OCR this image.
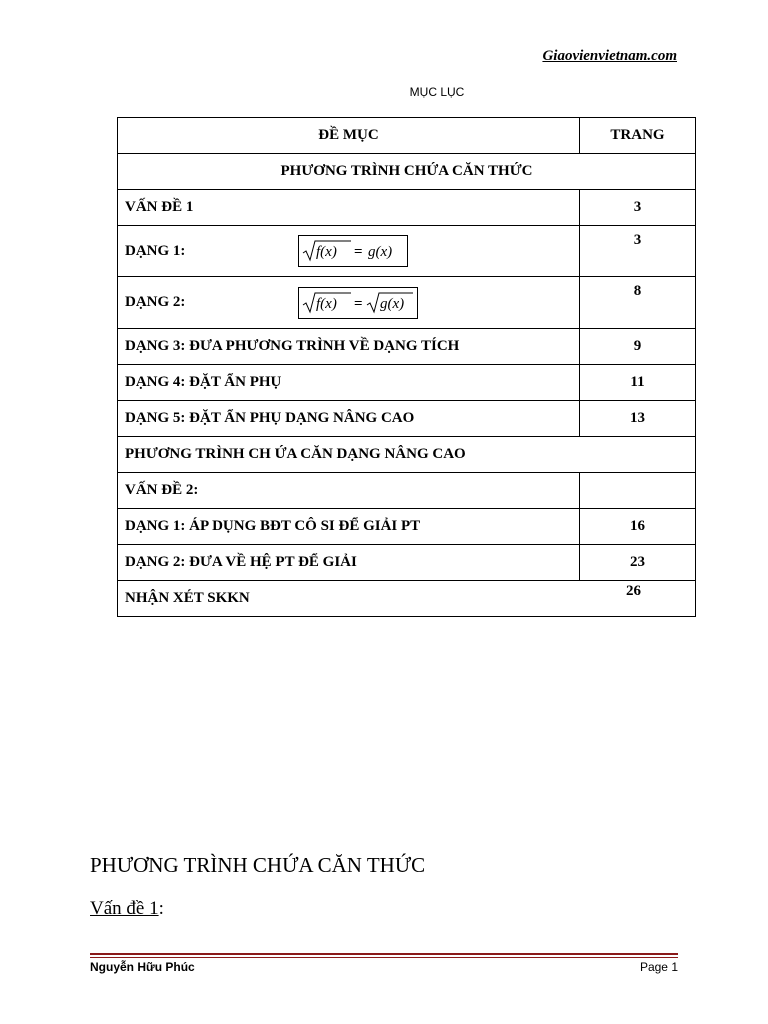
Giaovienvietnam.com
MỤC LỤC
ĐỀ MỤC	TRANG
PHƯƠNG TRÌNH CHỨA CĂN THỨC	
VẤN ĐỀ 1	3
DẠNG 1: f(x) = g(x)	3
DẠNG 2: f(x) = g(x)	8
DẠNG 3: ĐƯA PHƯƠNG TRÌNH VỀ DẠNG TÍCH	9
DẠNG 4: ĐẶT ẨN PHỤ	11
DẠNG 5: ĐẶT ẨN PHỤ DẠNG NÂNG CAO	13
PHƯƠNG TRÌNH CH ỨA CĂN DẠNG NÂNG CAO	
VẤN ĐỀ 2:	
DẠNG 1: ÁP DỤNG BĐT CÔ SI ĐỂ GIẢI PT	16
DẠNG 2: ĐƯA VỀ HỆ PT ĐỂ GIẢI	23
NHẬN XÉT SKKN 26	
PHƯƠNG TRÌNH CHỨA CĂN THỨC
Vấn đề 1:
Nguyễn Hữu Phúc	Page 1
